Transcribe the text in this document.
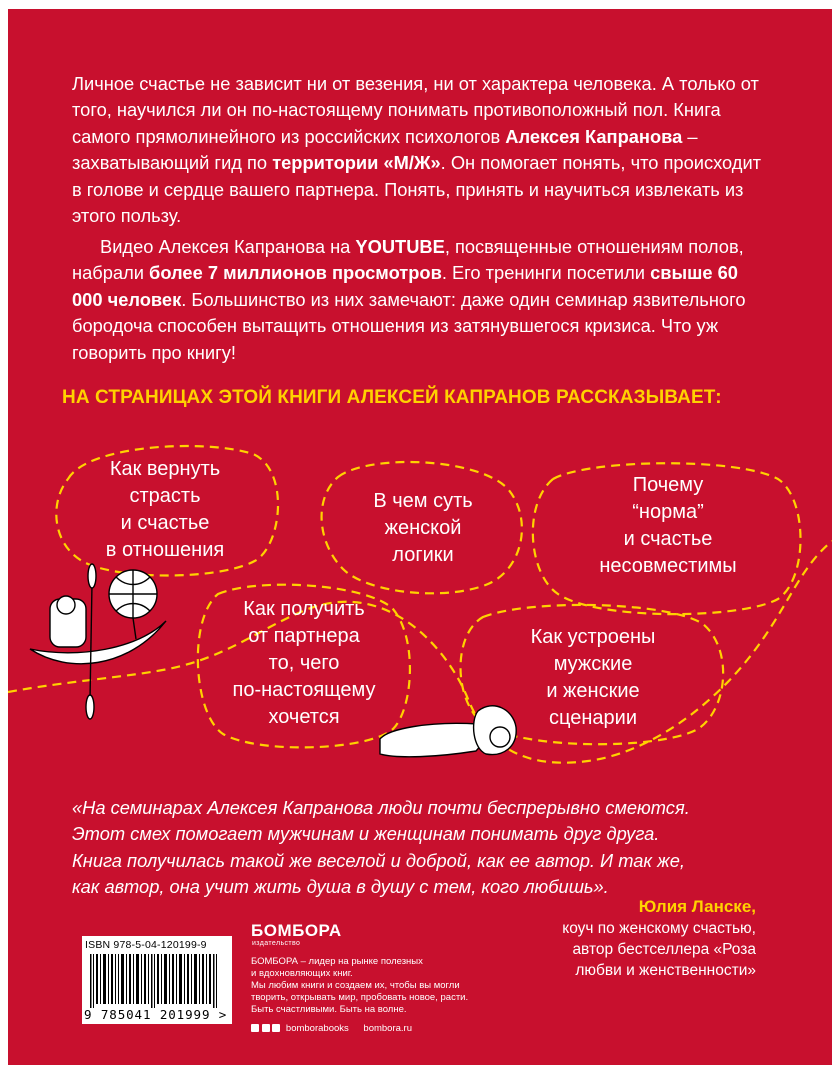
Личное счастье не зависит ни от везения, ни от характера человека. А только от того, научился ли он по-настоящему понимать противоположный пол. Книга самого прямолинейного из российских психологов Алексея Капранова – захватывающий гид по территории «М/Ж». Он помогает понять, что происходит в голове и сердце вашего партнера. Понять, принять и научиться извлекать из этого пользу.
Видео Алексея Капранова на YOUTUBE, посвященные отношениям полов, набрали более 7 миллионов просмотров. Его тренинги посетили свыше 60 000 человек. Большинство из них замечают: даже один семинар язвительного бородоча способен вытащить отношения из затянувшегося кризиса. Что уж говорить про книгу!
НА СТРАНИЦАХ ЭТОЙ КНИГИ АЛЕКСЕЙ КАПРАНОВ РАССКАЗЫВАЕТ:
Как вернуть
страсть
и счастье
в отношения
В чем суть
женской
логики
Почему
“норма”
и счастье
несовместимы
Как получить
от партнера
то, чего
по-настоящему
хочется
Как устроены
мужские
и женские
сценарии
«На семинарах Алексея Капранова люди почти беспрерывно смеются.
Этот смех помогает мужчинам и женщинам понимать друг друга.
Книга получилась такой же веселой и доброй, как ее автор. И так же,
как автор, она учит жить душа в душу с тем, кого любишь».
Юлия Ланске,
коуч по женскому счастью,
автор бестселлера «Роза
любви и женственности»
ISBN 978-5-04-120199-9
9 785041 201999 >
БОМБОРА
издательство
БОМБОРА – лидер на рынке полезных
и вдохновляющих книг.
Мы любим книги и создаем их, чтобы вы могли
творить, открывать мир, пробовать новое, расти.
Быть счастливыми. Быть на волне.
bomborabooks bombora.ru
